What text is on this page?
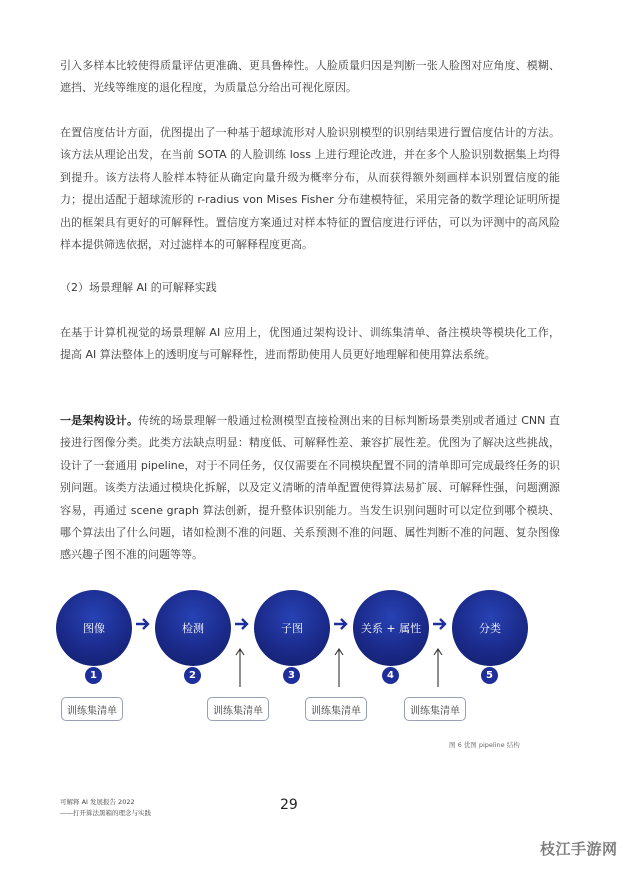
引入多样本比较使得质量评估更准确、更具鲁棒性。人脸质量归因是判断一张人脸图对应角度、模糊、遮挡、光线等维度的退化程度，为质量总分给出可视化原因。

在置信度估计方面，优图提出了一种基于超球流形对人脸识别模型的识别结果进行置信度估计的方法。该方法从理论出发，在当前 SOTA 的人脸训练 loss 上进行理论改进，并在多个人脸识别数据集上均得到提升。该方法将人脸样本特征从确定向量升级为概率分布，从而获得额外刻画样本识别置信度的能力；提出适配于超球流形的 r-radius von Mises Fisher 分布建模特征，采用完备的数学理论证明所提出的框架具有更好的可解释性。置信度方案通过对样本特征的置信度进行评估，可以为评测中的高风险样本提供筛选依据，对过滤样本的可解释程度更高。

（2）场景理解 AI 的可解释实践

在基于计算机视觉的场景理解 AI 应用上，优图通过架构设计、训练集清单、备注模块等模块化工作，提高 AI 算法整体上的透明度与可解释性，进而帮助使用人员更好地理解和使用算法系统。

一是架构设计。传统的场景理解一般通过检测模型直接检测出来的目标判断场景类别或者通过 CNN 直接进行图像分类。此类方法缺点明显：精度低、可解释性差、兼容扩展性差。优图为了解决这些挑战，设计了一套通用 pipeline，对于不同任务，仅仅需要在不同模块配置不同的清单即可完成最终任务的识别问题。该类方法通过模块化拆解，以及定义清晰的清单配置使得算法易扩展、可解释性强，问题溯源容易，再通过 scene graph 算法创新，提升整体识别能力。当发生识别问题时可以定位到哪个模块、哪个算法出了什么问题，诸如检测不准的问题、关系预测不准的问题、属性判断不准的问题、复杂图像感兴趣子图不准的问题等等。

图像	检测	子图	关系 + 属性	分类
1	2	3	4	5
训练集清单	训练集清单	训练集清单	训练集清单
图 6 优图 pipeline 结构
可解释 AI 发展报告 2022
——打开算法黑箱的理念与实践	29
枝江手游网
